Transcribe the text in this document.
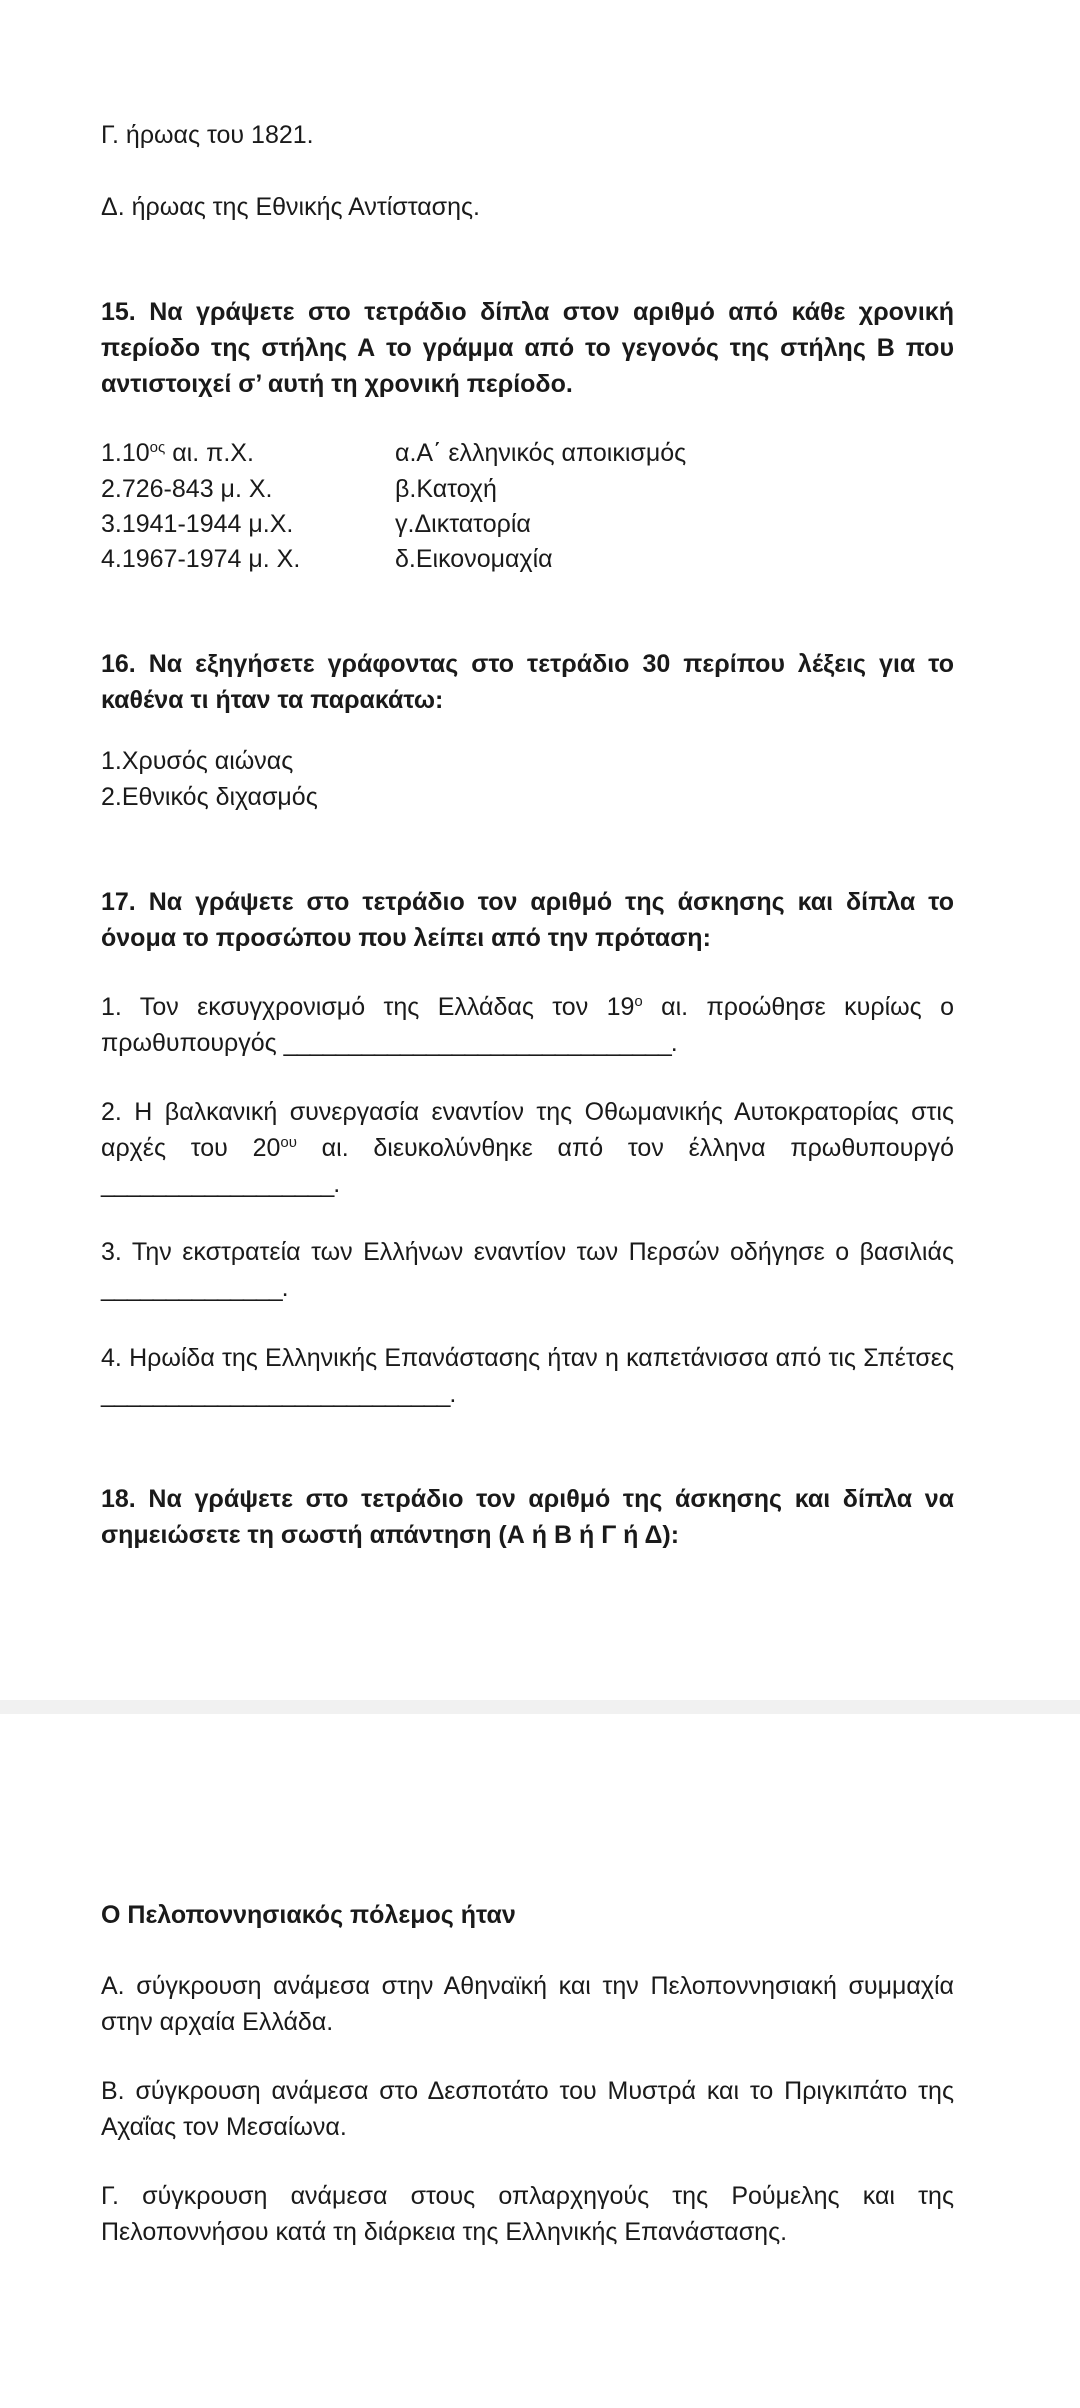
Γ. ήρωας του 1821.

Δ. ήρωας της Εθνικής Αντίστασης.

15. Να γράψετε στο τετράδιο δίπλα στον αριθμό από κάθε χρονική περίοδο της στήλης Α το γράμμα από το γεγονός της στήλης Β που αντιστοιχεί σ’ αυτή τη χρονική περίοδο.

$1.10^{o\varsigma}$ αι. π.Χ.	α.Α΄ ελληνικός αποικισμός
2.726-843 μ. Χ.	β.Κατοχή
3.1941-1944 μ.Χ.	γ.Δικτατορία
4.1967-1974 μ. Χ.	δ.Εικονομαχία

16. Να εξηγήσετε γράφοντας στο τετράδιο 30 περίπου λέξεις για το καθένα τι ήταν τα παρακάτω:

1.Χρυσός αιώνας

2.Εθνικός διχασμός

17. Να γράψετε στο τετράδιο τον αριθμό της άσκησης και δίπλα το όνομα το προσώπου που λείπει από την πρόταση:

1. Τον εκσυγχρονισμό της Ελλάδας τον $19^o$ αι. προώθησε κυρίως ο πρωθυπουργός ______________________________.

2. Η βαλκανική συνεργασία εναντίον της Οθωμανικής Αυτοκρατορίας στις αρχές του $20^{o\upsilon}$ αι. διευκολύνθηκε από τον έλληνα πρωθυπουργό __________________.

3. Την εκστρατεία των Ελλήνων εναντίον των Περσών οδήγησε ο βασιλιάς ______________.

4. Ηρωίδα της Ελληνικής Επανάστασης ήταν η καπετάνισσα από τις Σπέτσες ___________________________.

18. Να γράψετε στο τετράδιο τον αριθμό της άσκησης και δίπλα να σημειώσετε τη σωστή απάντηση (Α ή Β ή Γ ή Δ):

Ο Πελοποννησιακός πόλεμος ήταν

Α. σύγκρουση ανάμεσα στην Αθηναϊκή και την Πελοποννησιακή συμμαχία στην αρχαία Ελλάδα.

Β. σύγκρουση ανάμεσα στο Δεσποτάτο του Μυστρά και το Πριγκιπάτο της Αχαΐας τον Μεσαίωνα.

Γ. σύγκρουση ανάμεσα στους οπλαρχηγούς της Ρούμελης και της Πελοποννήσου κατά τη διάρκεια της Ελληνικής Επανάστασης.
